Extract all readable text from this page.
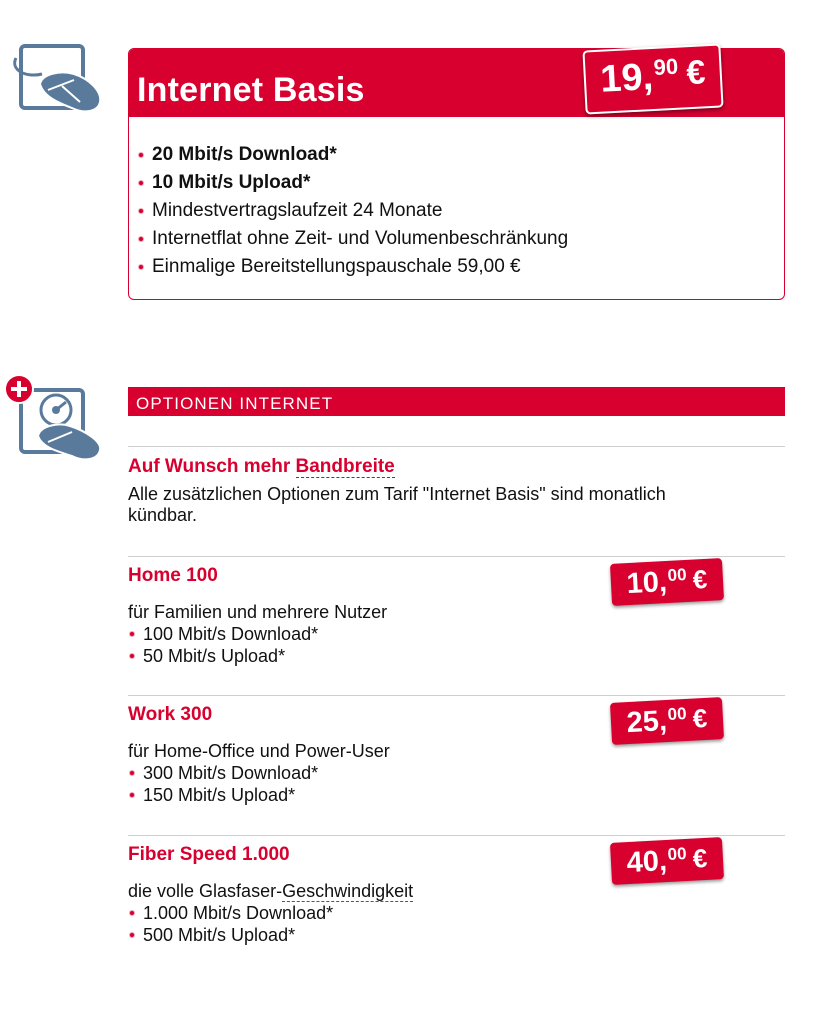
Internet Basis	19,
90 €
20 Mbit/s Download*
10 Mbit/s Upload*
Mindestvertragslaufzeit 24 Monate
Internetflat ohne Zeit- und Volumenbeschränkung
Einmalige Bereitstellungspauschale 59,00 €
OPTIONEN INTERNET
Auf Wunsch mehr Bandbreite
Alle zusätzlichen Optionen zum Tarif "Internet Basis" sind monatlich kündbar.
Home 100	10, 00 €
für Familien und mehrere Nutzer
100 Mbit/s Download*
50 Mbit/s Upload*
Work 300	25, 00 €
für Home-Office und Power-User
300 Mbit/s Download*
150 Mbit/s Upload*
Fiber Speed 1.000	40, 00 €
die volle Glasfaser-Geschwindigkeit
1.000 Mbit/s Download*
500 Mbit/s Upload*
